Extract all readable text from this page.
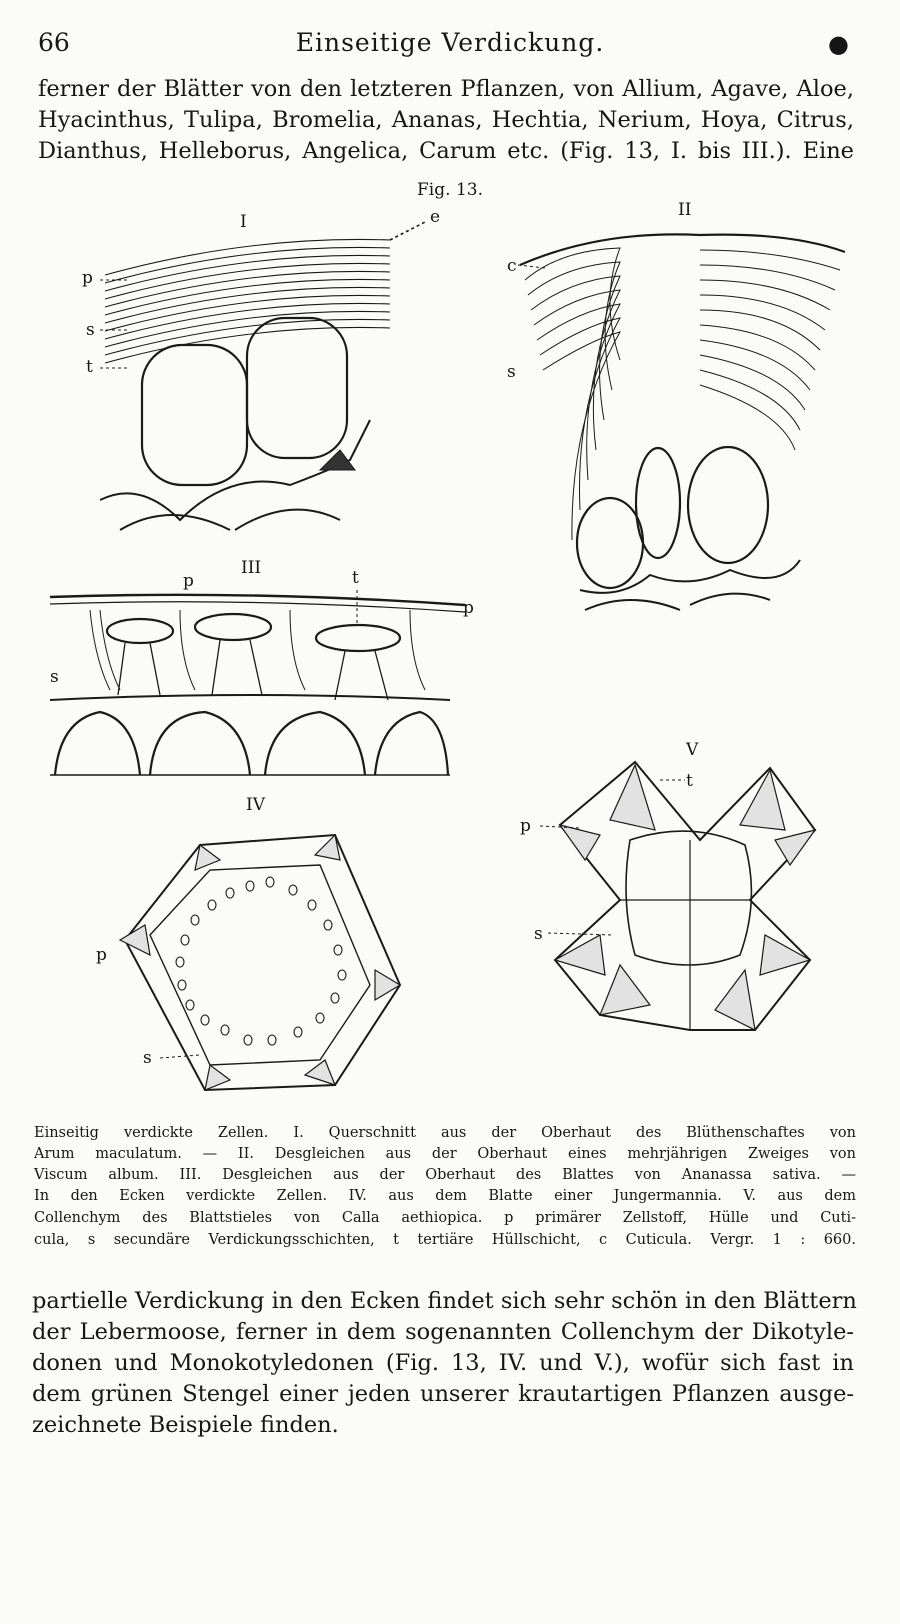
66	Einseitige Verdickung.	●
ferner der Blätter von den letzteren Pflanzen, von Allium, Agave, Aloe,
Hyacinthus, Tulipa, Bromelia, Ananas, Hechtia, Nerium, Hoya, Citrus,
Dianthus, Helleborus, Angelica, Carum etc. (Fig. 13, I. bis III.). Eine
Fig. 13.
I	e
p
s
t
II
c
s
III
p	t
p
s
IV
p
s
V
t
p
s
Einseitig verdickte Zellen. I. Querschnitt aus der Oberhaut des Blüthenschaftes von
Arum maculatum. — II. Desgleichen aus der Oberhaut eines mehrjährigen Zweiges von
Viscum album. III. Desgleichen aus der Oberhaut des Blattes von Ananassa sativa. —
In den Ecken verdickte Zellen. IV. aus dem Blatte einer Jungermannia. V. aus dem
Collenchym des Blattstieles von Calla aethiopica. p primärer Zellstoff, Hülle und Cuti-
cula, s secundäre Verdickungsschichten, t tertiäre Hüllschicht, c Cuticula. Vergr. 1 : 660.
partielle Verdickung in den Ecken findet sich sehr schön in den Blättern
der Lebermoose, ferner in dem sogenannten Collenchym der Dikotyle-
donen und Monokotyledonen (Fig. 13, IV. und V.), wofür sich fast in
dem grünen Stengel einer jeden unserer krautartigen Pflanzen ausge-
zeichnete Beispiele finden.
